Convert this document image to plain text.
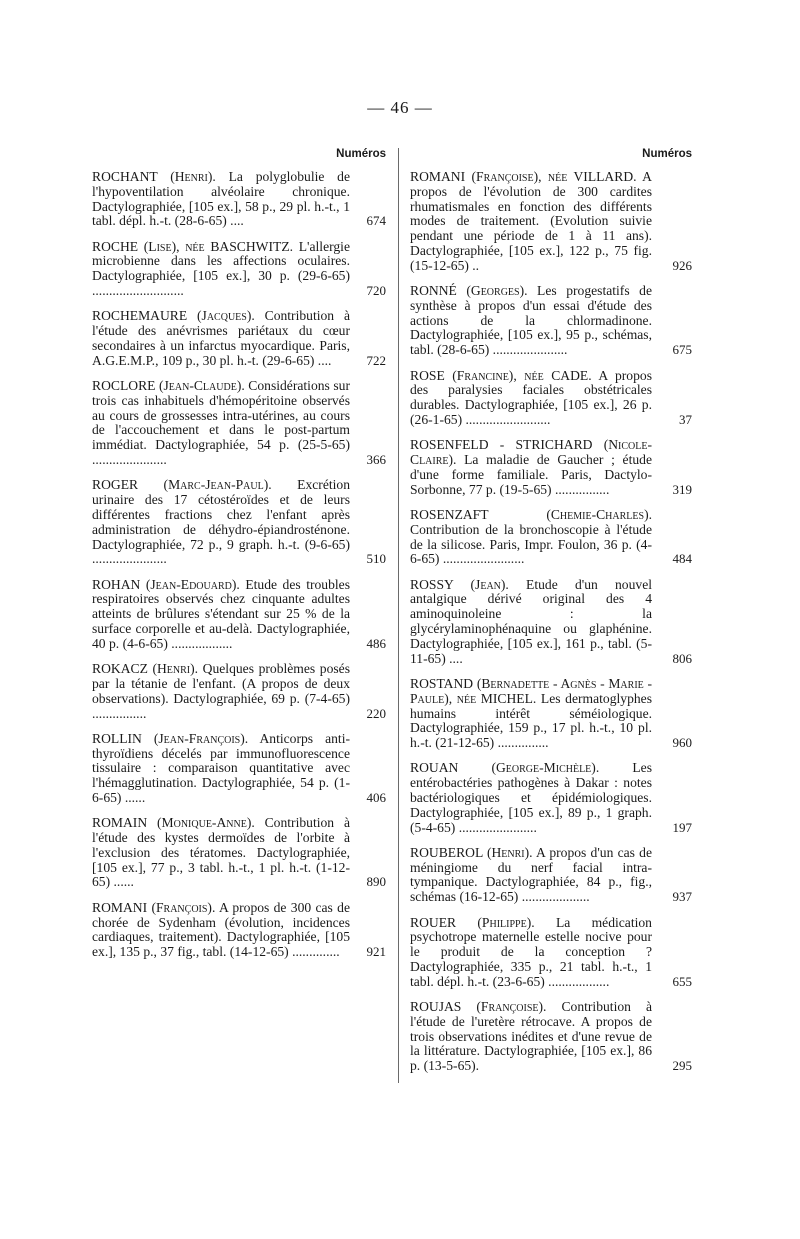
— 46 —
Numéros
ROCHANT (Henri). La polyglobulie de l'hypoventilation alvéolaire chronique. Dactylographiée, [105 ex.], 58 p., 29 pl. h.-t., 1 tabl. dépl. h.-t. (28-6-65) ....	674
ROCHE (Lise), née BASCHWITZ. L'allergie microbienne dans les affections oculaires. Dactylographiée, [105 ex.], 30 p. (29-6-65) ...........................	720
ROCHEMAURE (Jacques). Contribution à l'étude des anévrismes pariétaux du cœur secondaires à un infarctus myocardique. Paris, A.G.E.M.P., 109 p., 30 pl. h.-t. (29-6-65) ....	722
ROCLORE (Jean-Claude). Considérations sur trois cas inhabituels d'hémopéritoine observés au cours de grossesses intra-utérines, au cours de l'accouchement et dans le post-partum immédiat. Dactylographiée, 54 p. (25-5-65) ......................	366
ROGER (Marc-Jean-Paul). Excrétion urinaire des 17 cétostéroïdes et de leurs différentes fractions chez l'enfant après administration de déhydro-épiandrosténone. Dactylographiée, 72 p., 9 graph. h.-t. (9-6-65) ......................	510
ROHAN (Jean-Edouard). Etude des troubles respiratoires observés chez cinquante adultes atteints de brûlures s'étendant sur 25 % de la surface corporelle et au-delà. Dactylographiée, 40 p. (4-6-65) ..................	486
ROKACZ (Henri). Quelques problèmes posés par la tétanie de l'enfant. (A propos de deux observations). Dactylographiée, 69 p. (7-4-65) ................	220
ROLLIN (Jean-François). Anticorps anti-thyroïdiens décelés par immunofluorescence tissulaire : comparaison quantitative avec l'hémagglutination. Dactylographiée, 54 p. (1-6-65) ......	406
ROMAIN (Monique-Anne). Contribution à l'étude des kystes dermoïdes de l'orbite à l'exclusion des tératomes. Dactylographiée, [105 ex.], 77 p., 3 tabl. h.-t., 1 pl. h.-t. (1-12-65) ......	890
ROMANI (François). A propos de 300 cas de chorée de Sydenham (évolution, incidences cardiaques, traitement). Dactylographiée, [105 ex.], 135 p., 37 fig., tabl. (14-12-65) ..............	921
Numéros
ROMANI (Françoise), née VILLARD. A propos de l'évolution de 300 cardites rhumatismales en fonction des différents modes de traitement. (Evolution suivie pendant une période de 1 à 11 ans). Dactylographiée, [105 ex.], 122 p., 75 fig. (15-12-65) ..	926
RONNÉ (Georges). Les progestatifs de synthèse à propos d'un essai d'étude des actions de la chlormadinone. Dactylographiée, [105 ex.], 95 p., schémas, tabl. (28-6-65) ......................	675
ROSE (Francine), née CADE. A propos des paralysies faciales obstétricales durables. Dactylographiée, [105 ex.], 26 p. (26-1-65) .........................	37
ROSENFELD - STRICHARD (Nicole-Claire). La maladie de Gaucher ; étude d'une forme familiale. Paris, Dactylo-Sorbonne, 77 p. (19-5-65) ................	319
ROSENZAFT (Chemie-Charles). Contribution de la bronchoscopie à l'étude de la silicose. Paris, Impr. Foulon, 36 p. (4-6-65) ........................	484
ROSSY (Jean). Etude d'un nouvel antalgique dérivé original des 4 aminoquinoleine : la glycérylaminophénaquine ou glaphénine. Dactylographiée, [105 ex.], 161 p., tabl. (5-11-65) ....	806
ROSTAND (Bernadette - Agnès - Marie - Paule), née MICHEL. Les dermatoglyphes humains intérêt séméiologique. Dactylographiée, 159 p., 17 pl. h.-t., 10 pl. h.-t. (21-12-65) ...............	960
ROUAN (George-Michèle). Les entérobactéries pathogènes à Dakar : notes bactériologiques et épidémiologiques. Dactylographiée, [105 ex.], 89 p., 1 graph. (5-4-65) .......................	197
ROUBEROL (Henri). A propos d'un cas de méningiome du nerf facial intra-tympanique. Dactylographiée, 84 p., fig., schémas (16-12-65) ....................	937
ROUER (Philippe). La médication psychotrope maternelle estelle nocive pour le produit de la conception ? Dactylographiée, 335 p., 21 tabl. h.-t., 1 tabl. dépl. h.-t. (23-6-65) ..................	655
ROUJAS (Françoise). Contribution à l'étude de l'uretère rétrocave. A propos de trois observations inédites et d'une revue de la littérature. Dactylographiée, [105 ex.], 86 p. (13-5-65).	295
